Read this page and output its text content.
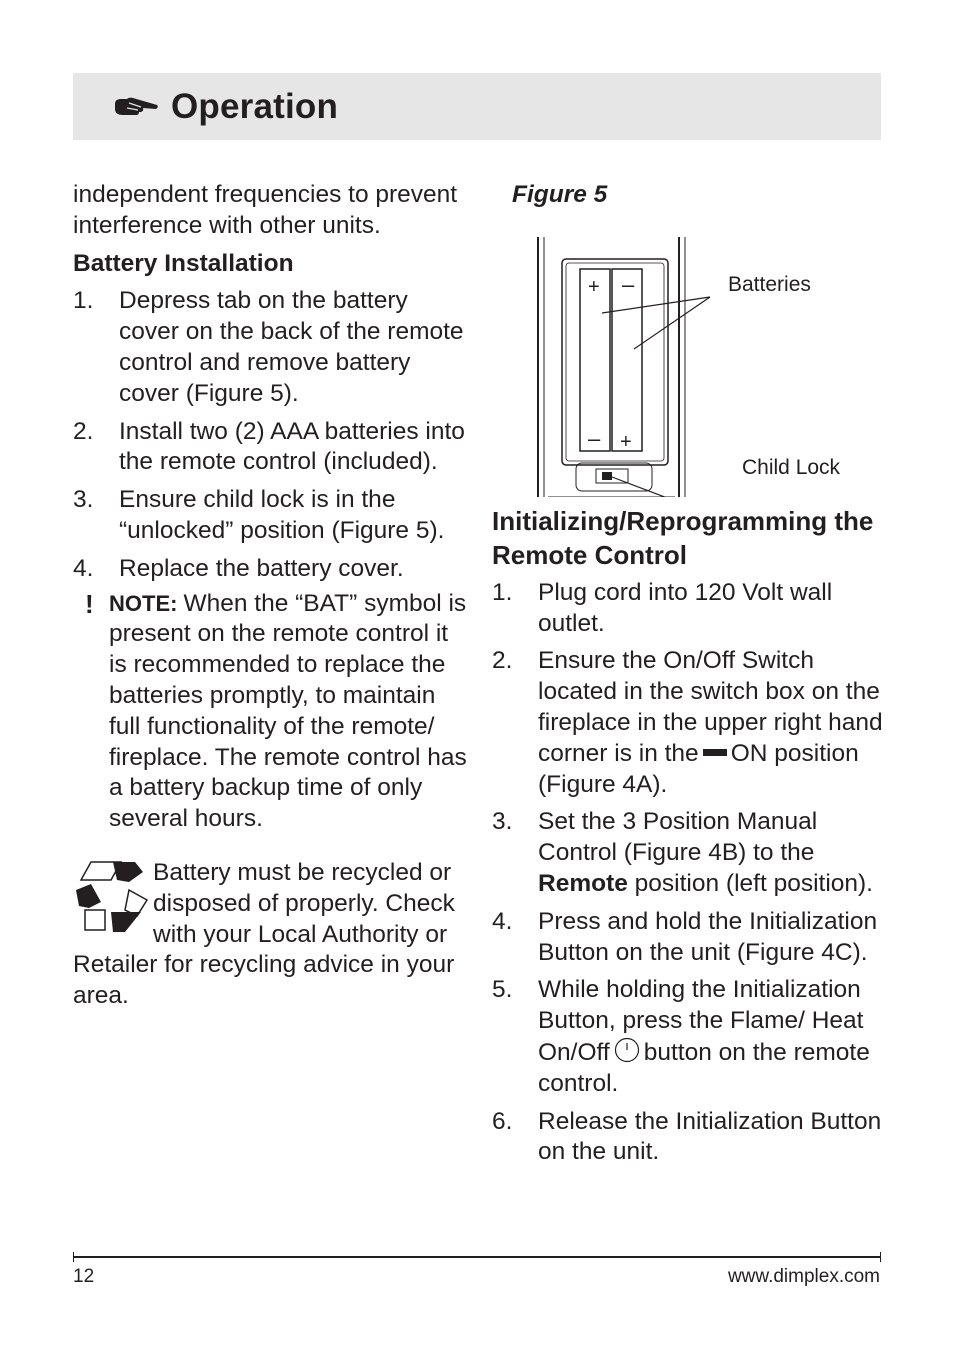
Operation

independent frequencies to prevent interference with other units.

Battery Installation

1. Depress tab on the battery cover on the back of the remote control and remove battery cover (Figure 5).
2. Install two (2) AAA batteries into the remote control (included).
3. Ensure child lock is in the “unlocked” position (Figure 5).
4. Replace the battery cover.
! NOTE: When the “BAT” symbol is present on the remote control it is recommended to replace the batteries promptly, to maintain full functionality of the remote/ fireplace. The remote control has a battery backup time of only several hours.
Battery must be recycled or disposed of properly. Check with your Local Authority or Retailer for recycling advice in your area.

Figure 5

+ –
– +
Batteries
Child Lock

Initializing/Reprogramming the Remote Control

1. Plug cord into 120 Volt wall outlet.
2. Ensure the On/Off Switch located in the switch box on the fireplace in the upper right hand corner is in the ON position (Figure 4A).
3. Set the 3 Position Manual Control (Figure 4B) to the Remote position (left position).
4. Press and hold the Initialization Button on the unit (Figure 4C).
5. While holding the Initialization Button, press the Flame/ Heat On/Off button on the remote control.
6. Release the Initialization Button on the unit.
12	www.dimplex.com
